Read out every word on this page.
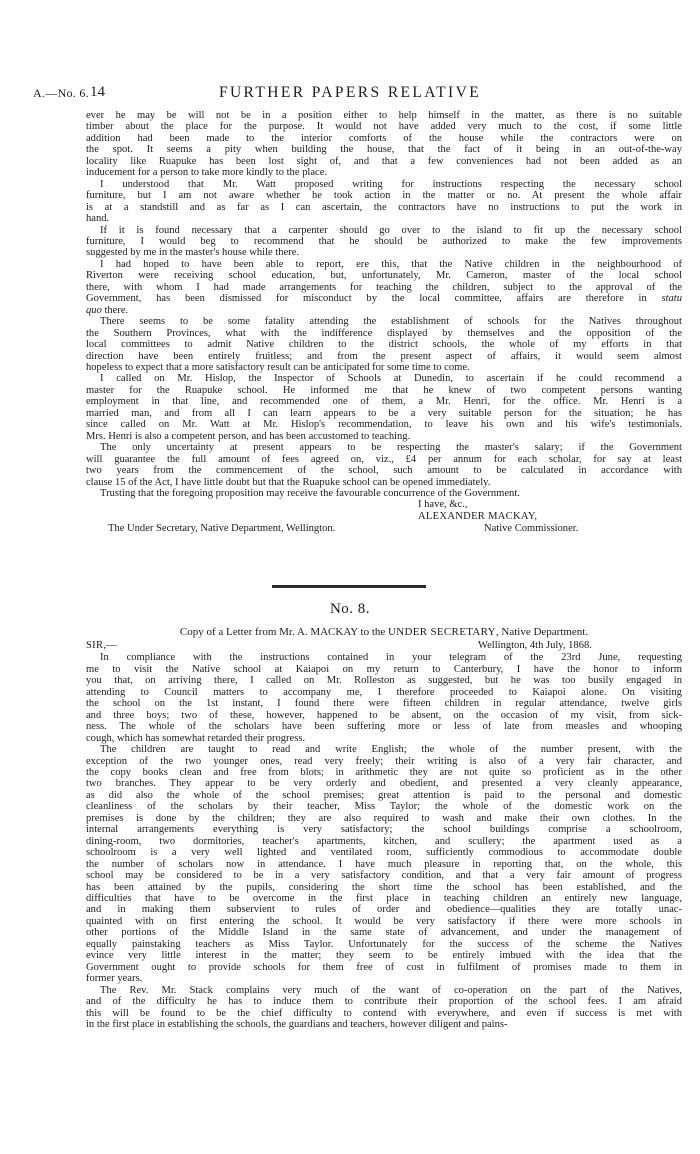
A.—No. 6. 14	FURTHER PAPERS RELATIVE

ever he may be will not be in a position either to help himself in the matter, as there is no suitable

timber about the place for the purpose. It would not have added very much to the cost, if some little

addition had been made to the interior comforts of the house while the contractors were on

the spot. It seems a pity when building the house, that the fact of it being in an out-of-the-way

locality like Ruapuke has been lost sight of, and that a few conveniences had not been added as an

inducement for a person to take more kindly to the place.

I understood that Mr. Watt proposed writing for instructions respecting the necessary school

furniture, but I am not aware whether he took action in the matter or no. At present the whole affair

is at a standstill and as far as I can ascertain, the contractors have no instructions to put the work in

hand.

If it is found necessary that a carpenter should go over to the island to fit up the necessary school

furniture, I would beg to recommend that he should be authorized to make the few improvements

suggested by me in the master's house while there.

I had hoped to have been able to report, ere this, that the Native children in the neighbourhood of

Riverton were receiving school education, but, unfortunately, Mr. Cameron, master of the local school

there, with whom I had made arrangements for teaching the children, subject to the approval of the

Government, has been dismissed for misconduct by the local committee, affairs are therefore in statu

quo there.

There seems to be some fatality attending the establishment of schools for the Natives throughout

the Southern Provinces, what with the indifference displayed by themselves and the opposition of the

local committees to admit Native children to the district schools, the whole of my efforts in that

direction have been entirely fruitless; and from the present aspect of affairs, it would seem almost

hopeless to expect that a more satisfactory result can be anticipated for some time to come.

I called on Mr. Hislop, the Inspector of Schools at Dunedin, to ascertain if he could recommend a

master for the Ruapuke school. He informed me that he knew of two competent persons wanting

employment in that line, and recommended one of them, a Mr. Henri, for the office. Mr. Henri is a

married man, and from all I can learn appears to be a very suitable person for the situation; he has

since called on Mr. Watt at Mr. Hislop's recommendation, to leave his own and his wife's testimonials.

Mrs. Henri is also a competent person, and has been accustomed to teaching.

The only uncertainty at present appears to be respecting the master's salary; if the Government

will guarantee the full amount of fees agreed on, viz., £4 per annum for each scholar, for say at least

two years from the commencement of the school, such amount to be calculated in accordance with

clause 15 of the Act, I have little doubt but that the Ruapuke school can be opened immediately.

Trusting that the foregoing proposition may receive the favourable concurrence of the Government.

I have, &c.,
ALEXANDER MACKAY,
The Under Secretary, Native Department, Wellington.	Native Commissioner.
No. 8.
Copy of a Letter from Mr. A. MACKAY to the UNDER SECRETARY, Native Department.
SIR,—	Wellington, 4th July, 1868.

In compliance with the instructions contained in your telegram of the 23rd June, requesting

me to visit the Native school at Kaiapoi on my return to Canterbury, I have the honor to inform

you that, on arriving there, I called on Mr. Rolleston as suggested, but he was too busily engaged in

attending to Council matters to accompany me, I therefore proceeded to Kaiapoi alone. On visiting

the school on the 1st instant, I found there were fifteen children in regular attendance, twelve girls

and three boys; two of these, however, happened to be absent, on the occasion of my visit, from sick-

ness. The whole of the scholars have been suffering more or less of late from measles and whooping

cough, which has somewhat retarded their progress.

The children are taught to read and write English; the whole of the number present, with the

exception of the two younger ones, read very freely; their writing is also of a very fair character, and

the copy books clean and free from blots; in arithmetic they are not quite so proficient as in the other

two branches. They appear to be very orderly and obedient, and presented a very cleanly appearance,

as did also the whole of the school premises; great attention is paid to the personal and domestic

cleanliness of the scholars by their teacher, Miss Taylor; the whole of the domestic work on the

premises is done by the children; they are also required to wash and make their own clothes. In the

internal arrangements everything is very satisfactory; the school buildings comprise a schoolroom,

dining-room, two dormitories, teacher's apartments, kitchen, and scullery; the apartment used as a

schoolroom is a very well lighted and ventilated room, sufficiently commodious to accommodate double

the number of scholars now in attendance. I have much pleasure in reporting that, on the whole, this

school may be considered to be in a very satisfactory condition, and that a very fair amount of progress

has been attained by the pupils, considering the short time the school has been established, and the

difficulties that have to be overcome in the first place in teaching children an entirely new language,

and in making them subservient to rules of order and obedience—qualities they are totally unac-

quainted with on first entering the school. It would be very satisfactory if there were more schools in

other portions of the Middle Island in the same state of advancement, and under the management of

equally painstaking teachers as Miss Taylor. Unfortunately for the success of the scheme the Natives

evince very little interest in the matter; they seem to be entirely imbued with the idea that the

Government ought to provide schools for them free of cost in fulfilment of promises made to them in

former years.

The Rev. Mr. Stack complains very much of the want of co-operation on the part of the Natives,

and of the difficulty he has to induce them to contribute their proportion of the school fees. I am afraid

this will be found to be the chief difficulty to contend with everywhere, and even if success is met with

in the first place in establishing the schools, the guardians and teachers, however diligent and pains-
